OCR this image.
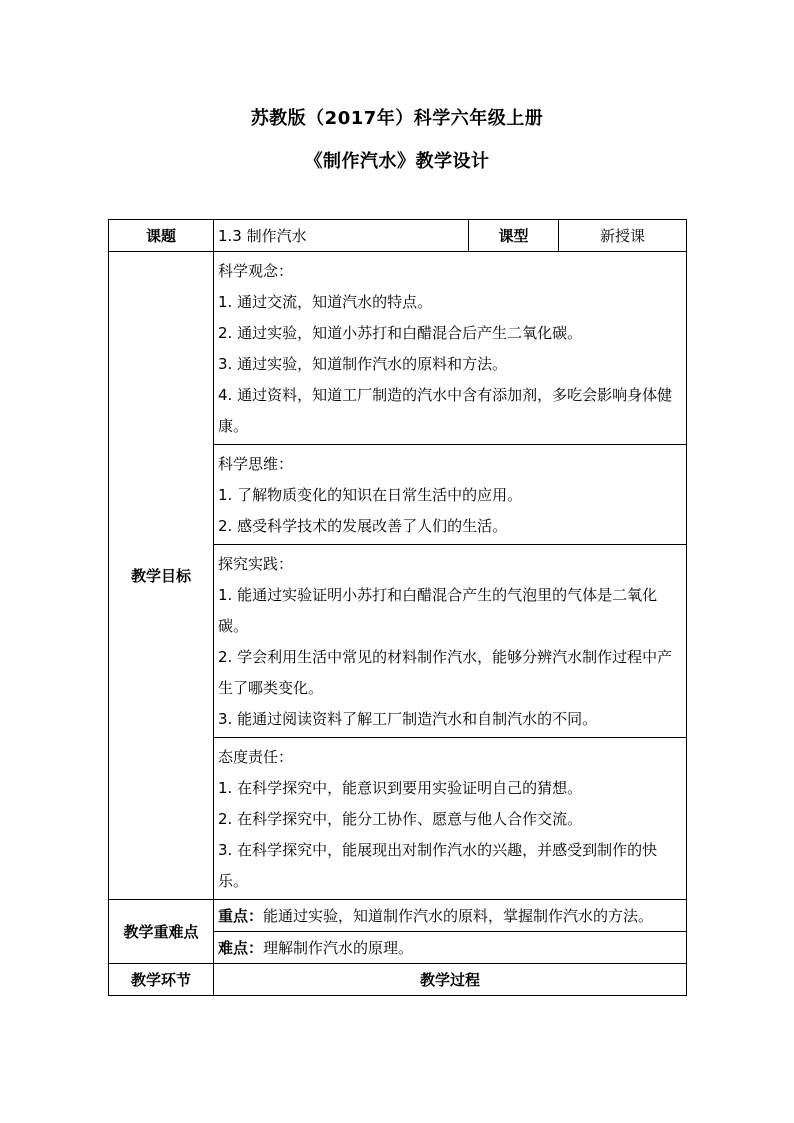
苏教版（2017年）科学六年级上册
《制作汽水》教学设计
课题	1.3 制作汽水	课型	新授课
教学目标	科学观念：
1. 通过交流，知道汽水的特点。
2. 通过实验，知道小苏打和白醋混合后产生二氧化碳。
3. 通过实验，知道制作汽水的原料和方法。
4. 通过资料，知道工厂制造的汽水中含有添加剂，多吃会影响身体健康。		

	科学思维：
1. 了解物质变化的知识在日常生活中的应用。
2. 感受科学技术的发展改善了人们的生活。		

	探究实践：
1. 能通过实验证明小苏打和白醋混合产生的气泡里的气体是二氧化碳。
2. 学会利用生活中常见的材料制作汽水，能够分辨汽水制作过程中产生了哪类变化。
3. 能通过阅读资料了解工厂制造汽水和自制汽水的不同。		

	态度责任：
1. 在科学探究中，能意识到要用实验证明自己的猜想。
2. 在科学探究中，能分工协作、愿意与他人合作交流。
3. 在科学探究中，能展现出对制作汽水的兴趣，并感受到制作的快乐。		

教学重难点	重点：能通过实验，知道制作汽水的原料，掌握制作汽水的方法。		
	难点：理解制作汽水的原理。		
教学环节	教学过程		
